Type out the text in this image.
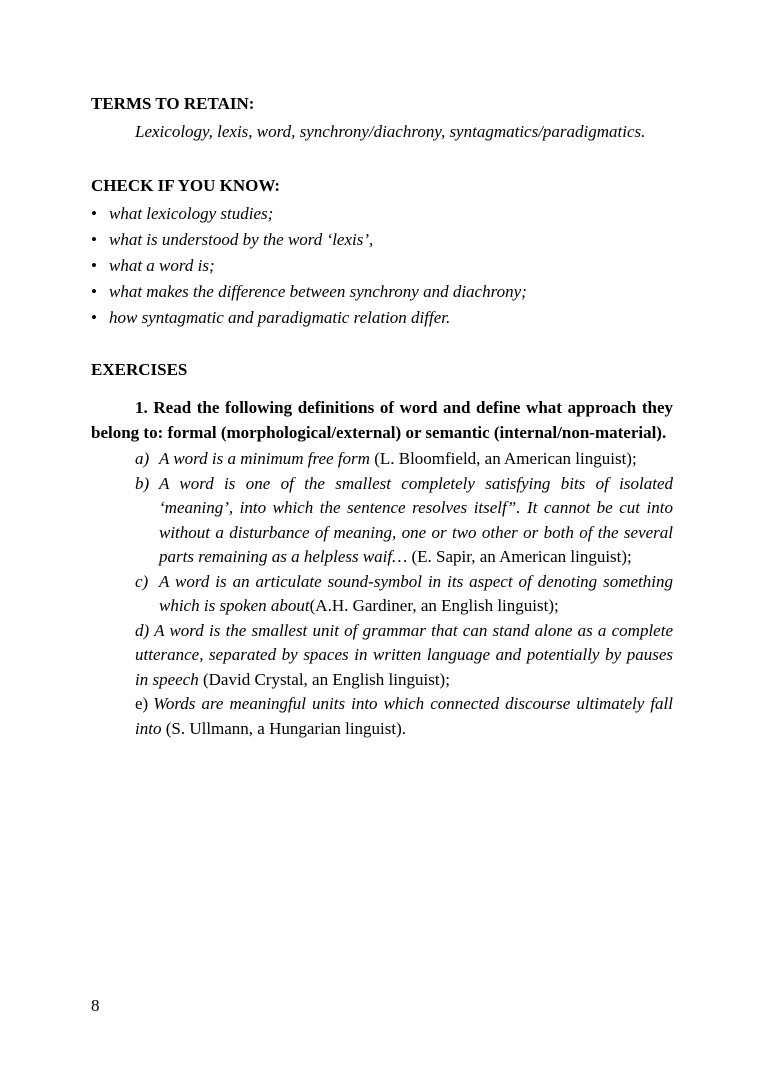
TERMS TO RETAIN:

Lexicology, lexis, word, synchrony/diachrony, syntagmatics/paradigmatics.

CHECK IF YOU KNOW:

• what lexicology studies;
• what is understood by the word ‘lexis’,
• what a word is;
• what makes the difference between synchrony and diachrony;
• how syntagmatic and paradigmatic relation differ.

EXERCISES

1. Read the following definitions of word and define what approach they belong to: formal (morphological/external) or semantic (internal/non-material).

a) A word is a minimum free form (L. Bloomfield, an American linguist);

b) A word is one of the smallest completely satisfying bits of isolated ‘meaning’, into which the sentence resolves itself”. It cannot be cut into without a disturbance of meaning, one or two other or both of the several parts remaining as a helpless waif… (E. Sapir, an American linguist);

c) A word is an articulate sound-symbol in its aspect of denoting something which is spoken about(A.H. Gardiner, an English linguist);

d) A word is the smallest unit of grammar that can stand alone as a complete utterance, separated by spaces in written language and potentially by pauses in speech (David Crystal, an English linguist);

e) Words are meaningful units into which connected discourse ultimately fall into (S. Ullmann, a Hungarian linguist).

8
